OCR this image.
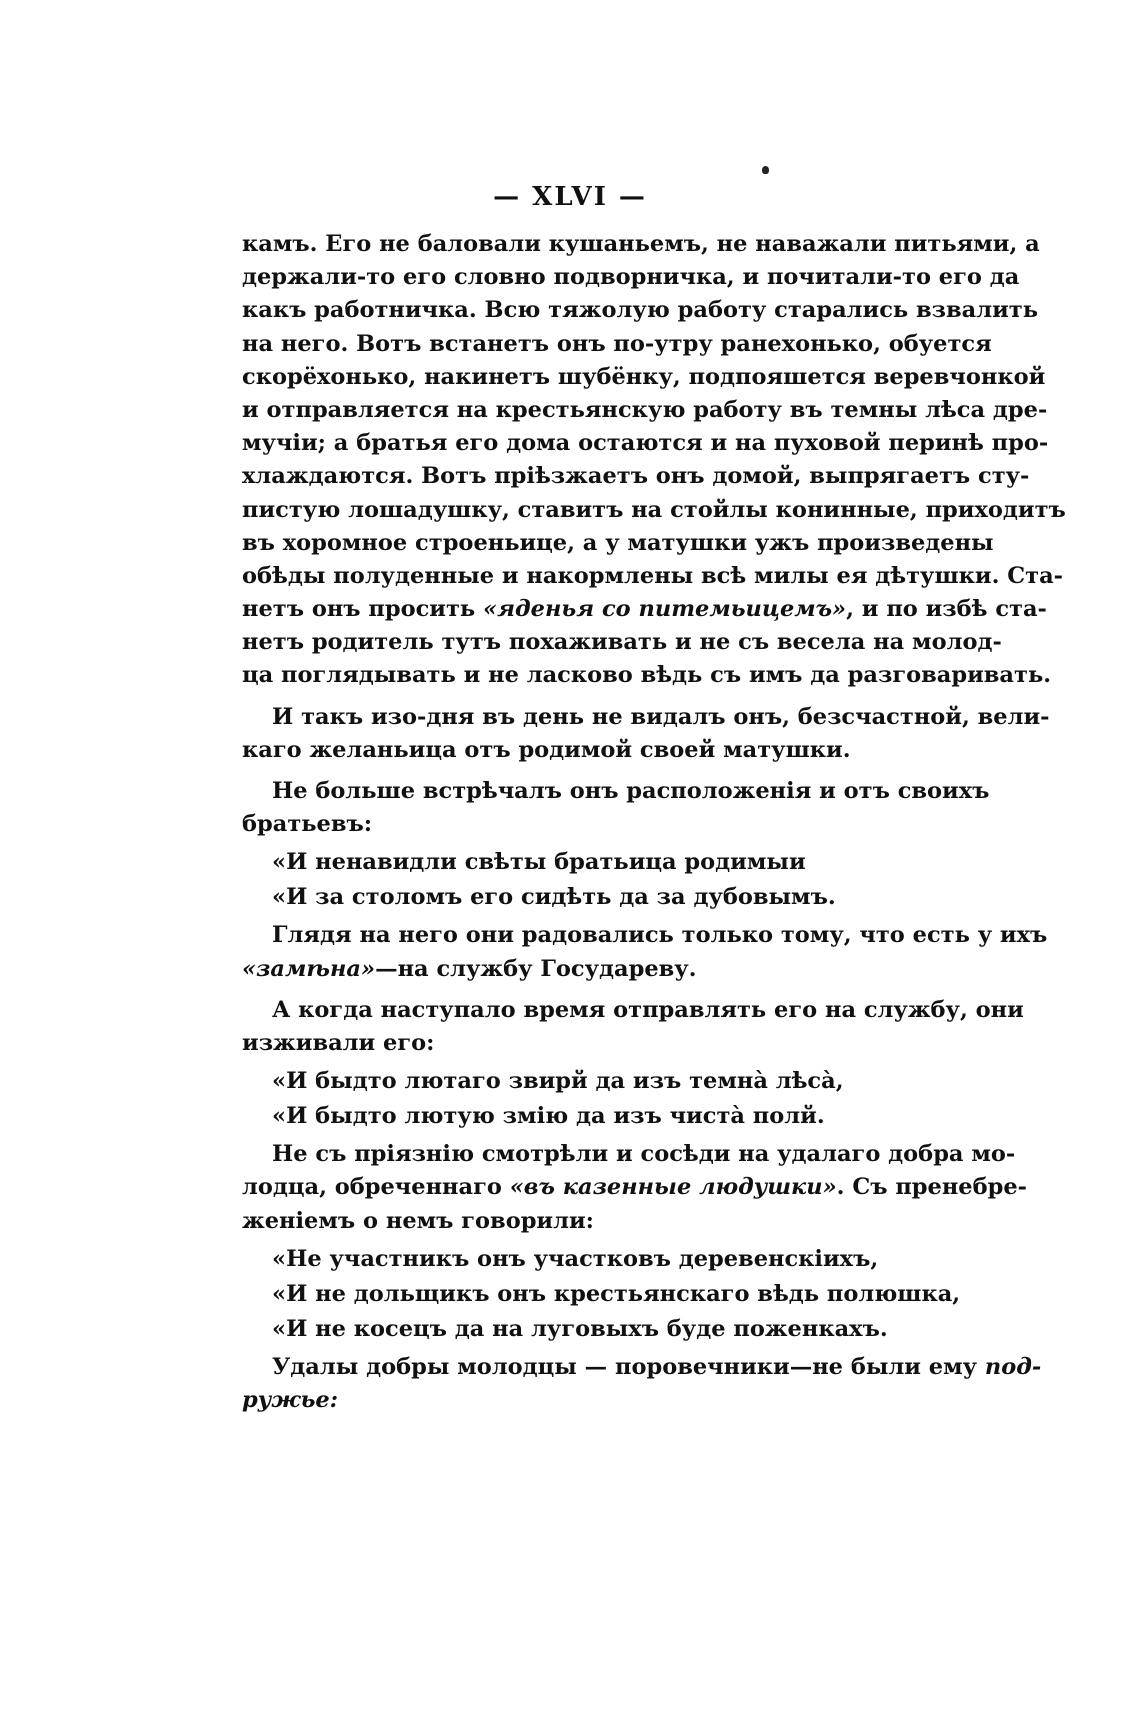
— XLVI —
камъ. Его не баловали кушаньемъ, не наважали питьями, а
держали-то его словно подворничка, и почитали-то его да
какъ работничка. Всю тяжолую работу старались взвалить
на него. Вотъ встанетъ онъ по-утру ранехонько, обуется
скорёхонько, накинетъ шубёнку, подпояшется веревчонкой
и отправляется на крестьянскую работу въ темны лѣса дре-
мучіи; а братья его дома остаются и на пуховой перинѣ про-
хлаждаются. Вотъ пріѣзжаетъ онъ домой, выпрягаетъ сту-
пистую лошадушку, ставитъ на стойлы конинные, приходитъ
въ хоромное строеньице, а у матушки ужъ произведены
обѣды полуденные и накормлены всѣ милы ея дѣтушки. Ста-
нетъ онъ просить «яденья со питемьицемъ», и по избѣ ста-
нетъ родитель тутъ похаживать и не съ весела на молод-
ца поглядывать и не ласково вѣдь съ имъ да разговаривать.
И такъ изо-дня въ день не видалъ онъ, безсчастной, вели-
каго желаньица отъ родимой своей матушки.
Не больше встрѣчалъ онъ расположенія и отъ своихъ
братьевъ:
«И ненавидли свѣты братьица родимыи
«И за столомъ его сидѣть да за дубовымъ.
Глядя на него они радовались только тому, что есть у ихъ
«замѣна»—на службу Государеву.
А когда наступало время отправлять его на службу, они
изживали его:
«И быдто лютаго звирй да изъ темнà лѣсà,
«И быдто лютую змію да изъ чистà полй.
Не съ пріязнію смотрѣли и сосѣди на удалаго добра мо-
лодца, обреченнаго «въ казенные людушки». Съ пренебре-
женіемъ о немъ говорили:
«Не участникъ онъ участковъ деревенскіихъ,
«И не дольщикъ онъ крестьянскаго вѣдь полюшка,
«И не косецъ да на луговыхъ буде поженкахъ.
Удалы добры молодцы — поровечники—не были ему под-
ружье:
